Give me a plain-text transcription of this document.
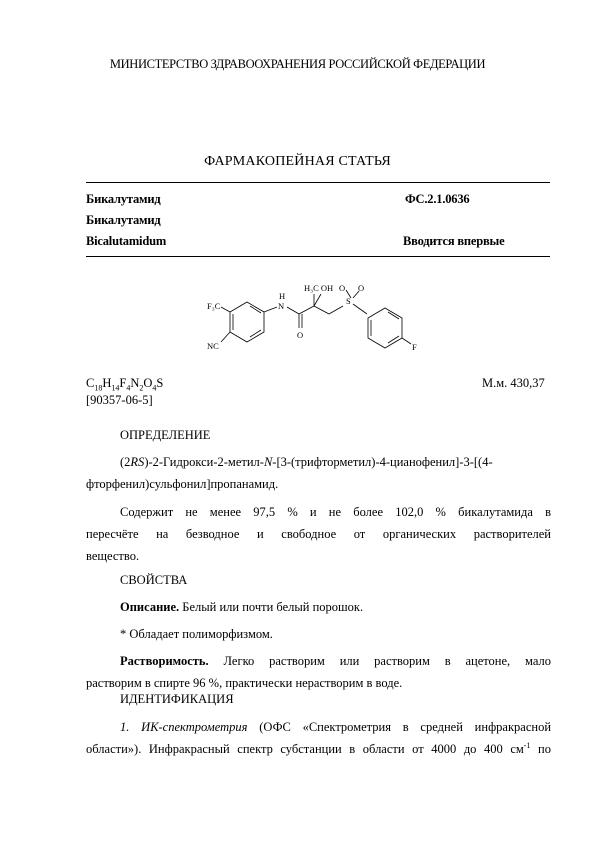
МИНИСТЕРСТВО ЗДРАВООХРАНЕНИЯ РОССИЙСКОЙ ФЕДЕРАЦИИ
ФАРМАКОПЕЙНАЯ СТАТЬЯ
Бикалутамид	ФС.2.1.0636
Бикалутамид
Bicalutamidum	Вводится впервые
F₃C
NC
H
N
H₃C OH
O
S
O O
F
$C_{18}H_{14}F_4N_2O_4S$	М.м. 430,37
[90357-06-5]
ОПРЕДЕЛЕНИЕ
(2RS)-2-Гидрокси-2-метил-N-[3-(трифторметил)-4-цианофенил]-3-[(4-
фторфенил)сульфонил]пропанамид.
Содержит не менее 97,5 % и не более 102,0 % бикалутамида в
пересчёте на безводное и свободное от органических растворителей
вещество.
СВОЙСТВА
Описание. Белый или почти белый порошок.
* Обладает полиморфизмом.
Растворимость. Легко растворим или растворим в ацетоне, мало
растворим в спирте 96 %, практически нерастворим в воде.
ИДЕНТИФИКАЦИЯ
1. ИК-спектрометрия (ОФС «Спектрометрия в средней инфракрасной
области»). Инфракрасный спектр субстанции в области от 4000 до 400 $см^{-1}$ по
